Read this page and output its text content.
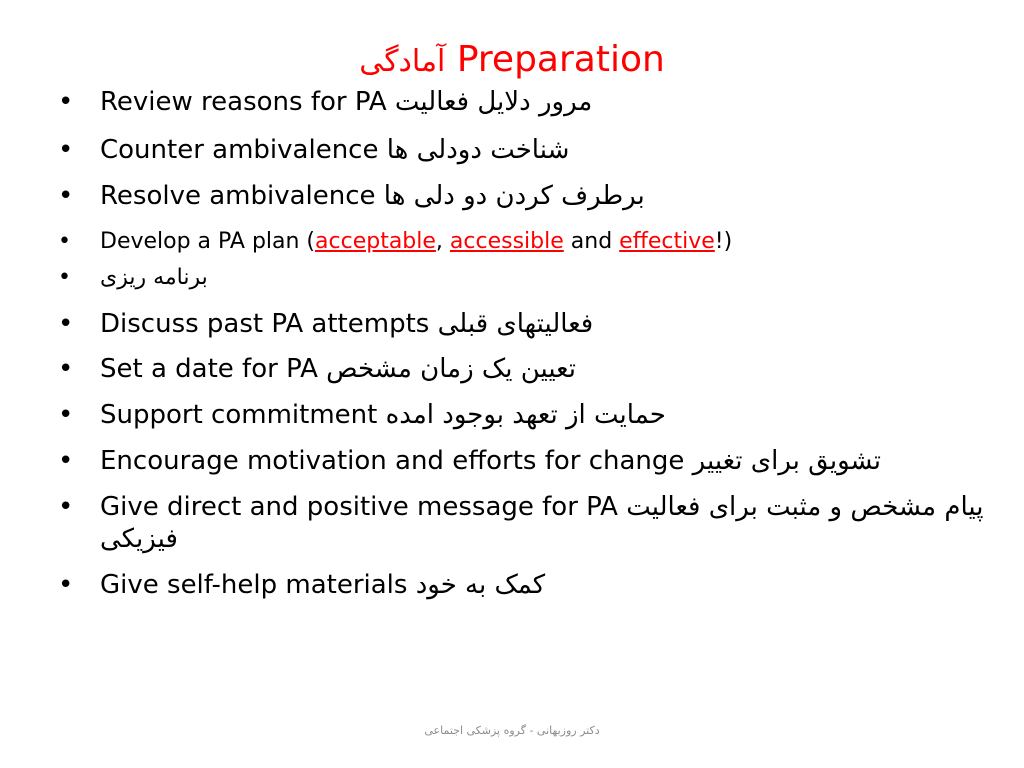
آمادگی Preparation
• Review reasons for PA مرور دلایل فعالیت
• Counter ambivalence شناخت دودلی ها
• Resolve ambivalence برطرف کردن دو دلی ها
•	Develop a PA plan (acceptable, accessible and effective!)
•	برنامه ریزی
• Discuss past PA attempts فعالیتهای قبلی
• Set a date for PA تعیین یک زمان مشخص
• Support commitment حمایت از تعهد بوجود امده
• Encourage motivation and efforts for change تشویق برای تغییر
• Give direct and positive message for PA پیام مشخص و مثبت برای فعالیت فیزیکی
• Give self-help materials کمک به خود
دکتر روزبهانی - گروه پزشکی اجتماعی
